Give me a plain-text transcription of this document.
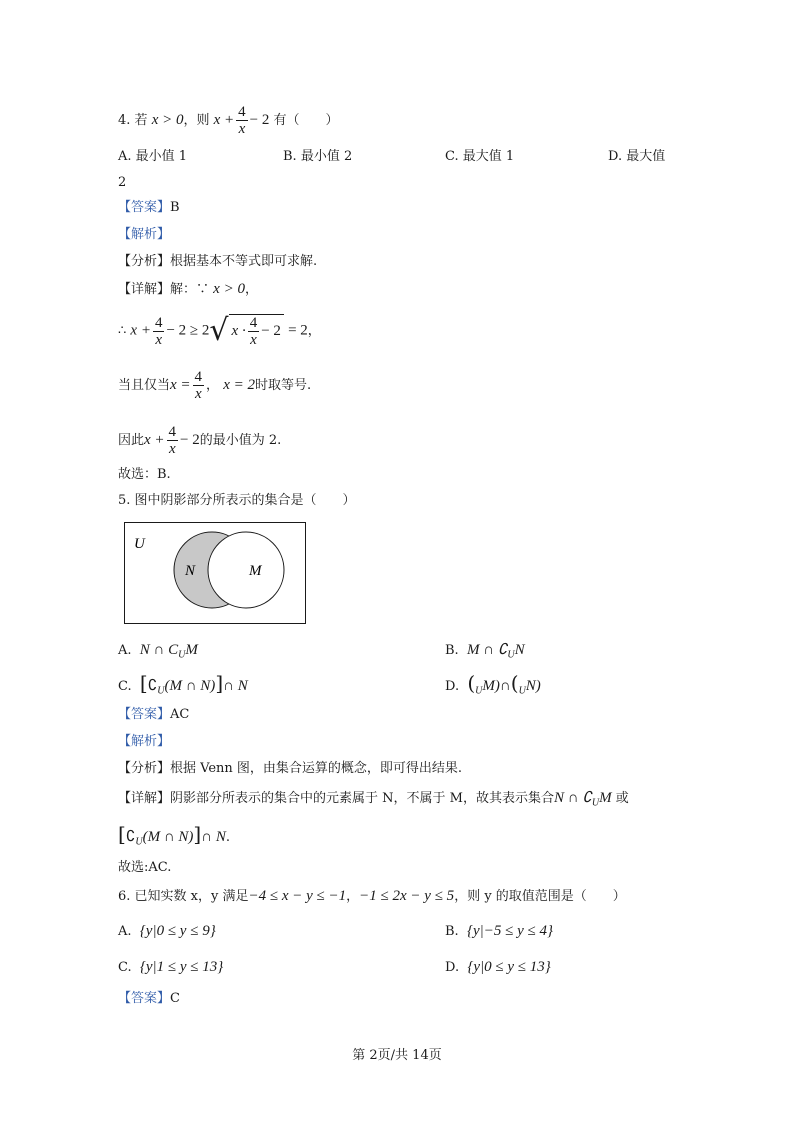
4. 若 x > 0，则 $x + \frac{4}{x} - 2$ 有（　　）
A. 最小值 1	B. 最小值 2	C. 最大值 1	D. 最大值
2
【答案】B
【解析】
【分析】根据基本不等式即可求解.
【详解】解：∵ x > 0，
∴ $x + \frac{4}{x} - 2 \ge 2√$ $x \cdot \frac{4}{x} - 2 = 2$，
当且仅当$x = \frac{4}{x}$ ， x = 2时取等号.
因此$x + \frac{4}{x} - 2$的最小值为 2.
故选：B.
5. 图中阴影部分所表示的集合是（　　）
U
N	M
A. N ∩ $C_UM$	B. M ∩ $∁_UN$
C. [$∁_U(M$ ∩ N)]∩ N	D. $(_UM)\cap(_UN)$
【答案】AC
【解析】
【分析】根据 Venn 图，由集合运算的概念，即可得出结果.
【详解】阴影部分所表示的集合中的元素属于 N，不属于 M，故其表示集合N ∩ $∁_UM$ 或
[$∁_U(M$ ∩ N)]∩ N.
故选:AC.
6. 已知实数 x，y 满足−4 ≤ x − y ≤ −1，−1 ≤ 2x − y ≤ 5，则 y 的取值范围是（　　）
A. {y|0 ≤ y ≤ 9}	B. {y|−5 ≤ y ≤ 4}
C. {y|1 ≤ y ≤ 13}	D. {y|0 ≤ y ≤ 13}
【答案】C
第 2页/共 14页
